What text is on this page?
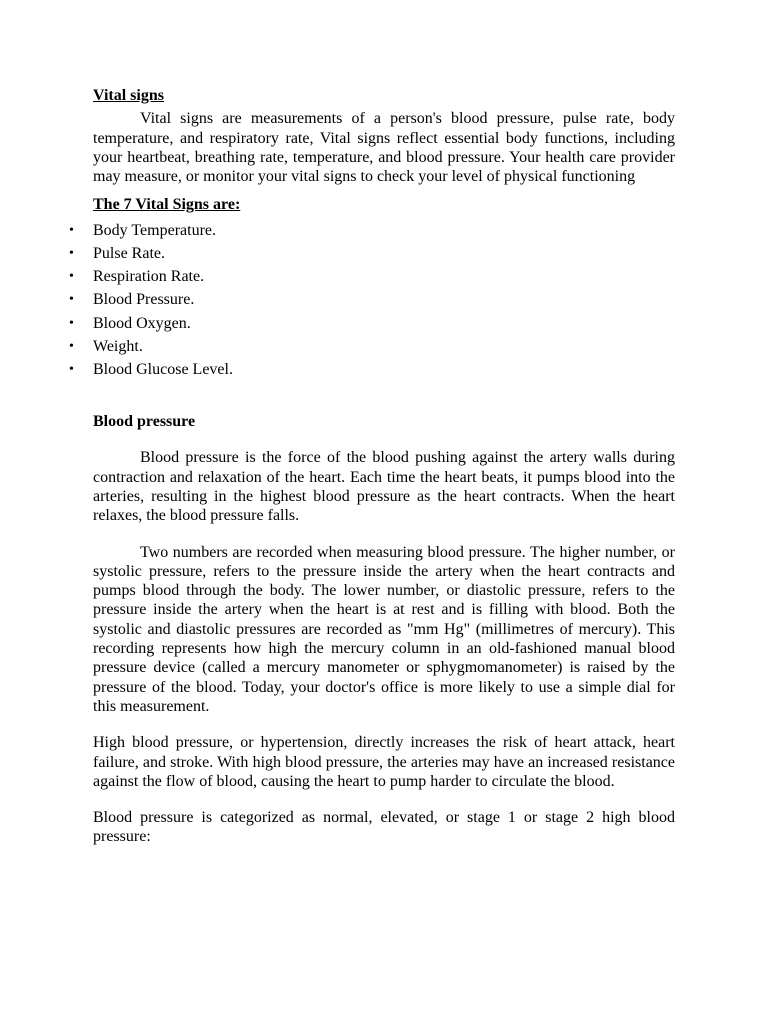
Vital signs

Vital signs are measurements of a person's blood pressure, pulse rate, body temperature, and respiratory rate, Vital signs reflect essential body functions, including your heartbeat, breathing rate, temperature, and blood pressure. Your health care provider may measure, or monitor your vital signs to check your level of physical functioning

The 7 Vital Signs are:

• Body Temperature.
• Pulse Rate.
• Respiration Rate.
• Blood Pressure.
• Blood Oxygen.
• Weight.
• Blood Glucose Level.

Blood pressure

Blood pressure is the force of the blood pushing against the artery walls during contraction and relaxation of the heart. Each time the heart beats, it pumps blood into the arteries, resulting in the highest blood pressure as the heart contracts. When the heart relaxes, the blood pressure falls.

Two numbers are recorded when measuring blood pressure. The higher number, or systolic pressure, refers to the pressure inside the artery when the heart contracts and pumps blood through the body. The lower number, or diastolic pressure, refers to the pressure inside the artery when the heart is at rest and is filling with blood. Both the systolic and diastolic pressures are recorded as "mm Hg" (millimetres of mercury). This recording represents how high the mercury column in an old-fashioned manual blood pressure device (called a mercury manometer or sphygmomanometer) is raised by the pressure of the blood. Today, your doctor's office is more likely to use a simple dial for this measurement.

High blood pressure, or hypertension, directly increases the risk of heart attack, heart failure, and stroke. With high blood pressure, the arteries may have an increased resistance against the flow of blood, causing the heart to pump harder to circulate the blood.

Blood pressure is categorized as normal, elevated, or stage 1 or stage 2 high blood pressure:
